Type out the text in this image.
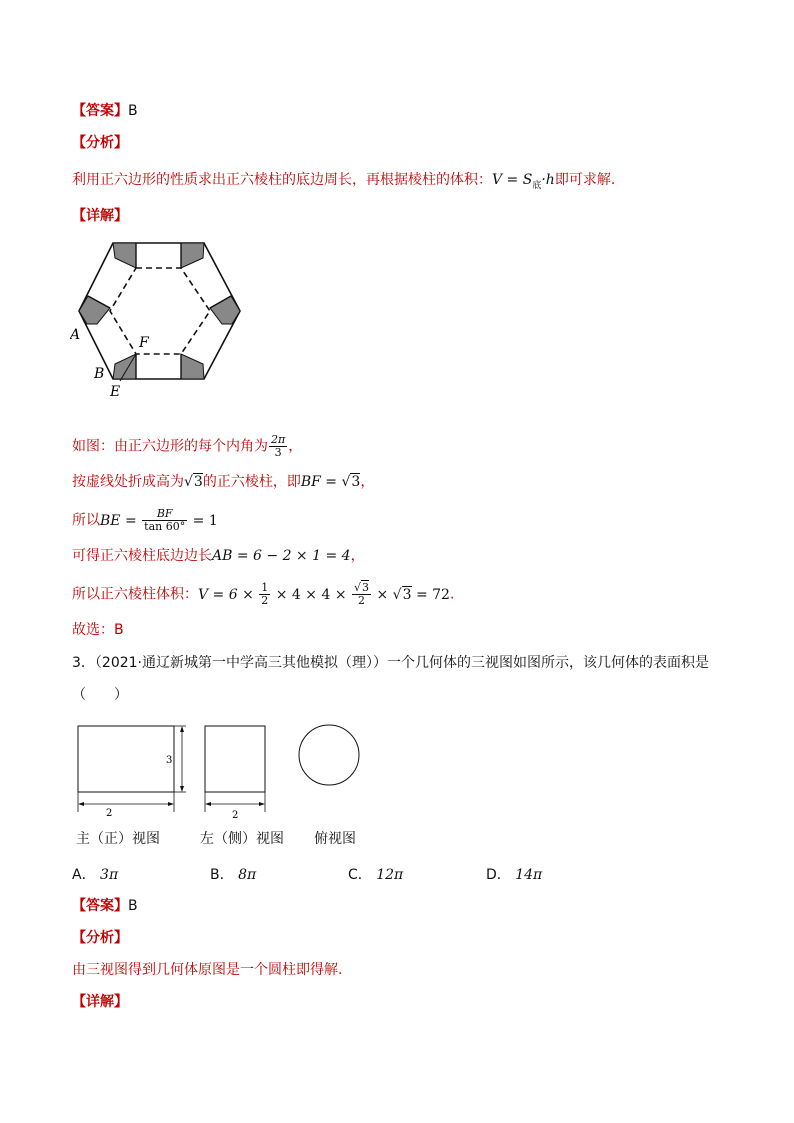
【答案】B
【分析】
利用正六边形的性质求出正六棱柱的底边周长，再根据棱柱的体积：$V = S_底\cdot h$即可求解.
【详解】
A	F
B
E
如图：由正六边形的每个内角为 $\frac{2\pi}{3}$ ，
按虚线处折成高为√3的正六棱柱，即BF = √3，
所以BE = $\frac{BF}{\tan 60^\circ} = 1$
可得正六棱柱底边边长AB = 6 − 2 × 1 = 4，
所以正六棱柱体积：$V = 6 \times \frac{1}{2} \times 4 \times 4 \times \frac{√3}{2} \times √3 = 72$.
故选：B
3．（2021·通辽新城第一中学高三其他模拟（理））一个几何体的三视图如图所示，该几何体的表面积是
（　　）
2
3
2
主（正）视图	左（侧）视图 俯视图
A． 3π	B． 8π	C． 12π	D． 14π
【答案】B
【分析】
由三视图得到几何体原图是一个圆柱即得解.
【详解】
